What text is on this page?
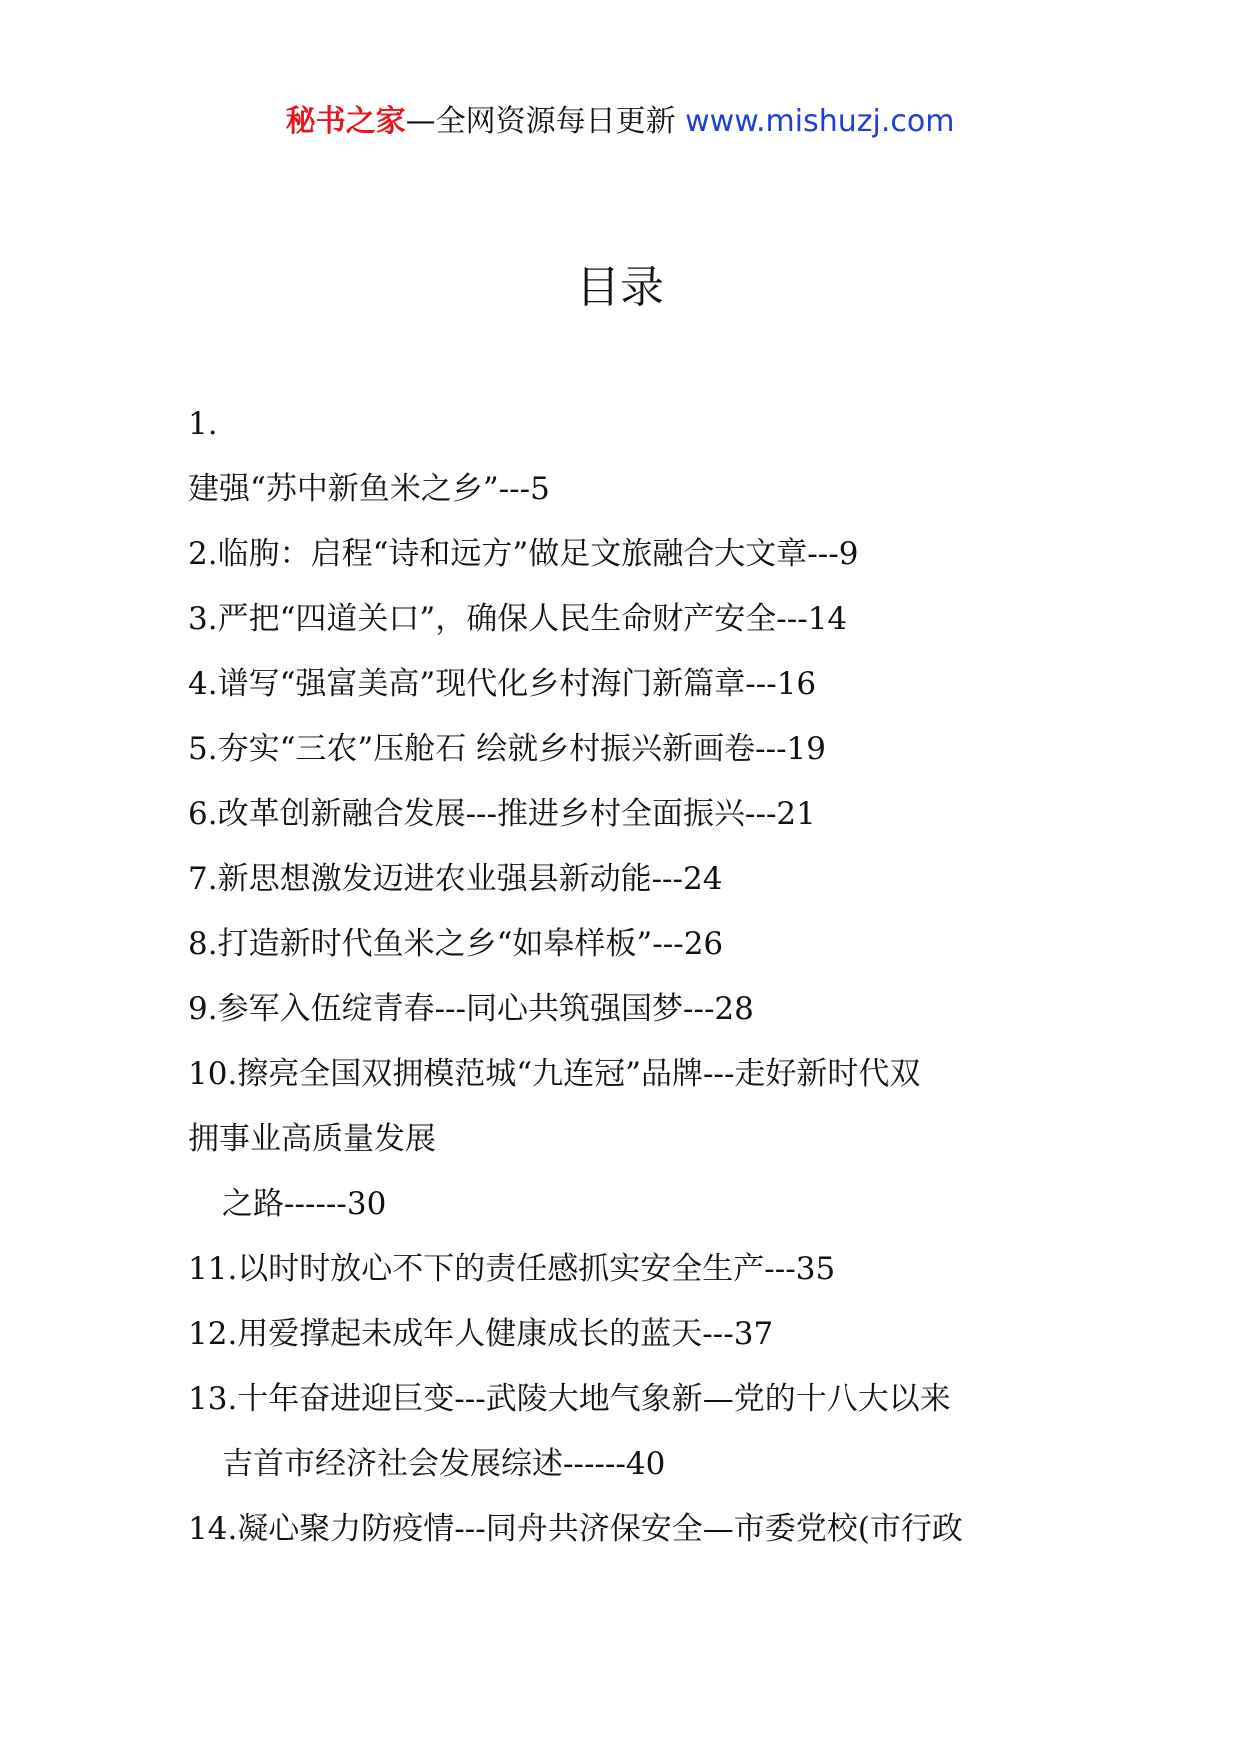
秘书之家—全网资源每日更新 www.mishuzj.com
目录
1.
建强“苏中新鱼米之乡”---5
2.临朐：启程“诗和远方”做足文旅融合大文章---9
3.严把“四道关口”，确保人民生命财产安全---14
4.谱写“强富美高”现代化乡村海门新篇章---16
5.夯实“三农”压舱石 绘就乡村振兴新画卷---19
6.改革创新融合发展---推进乡村全面振兴---21
7.新思想激发迈进农业强县新动能---24
8.打造新时代鱼米之乡“如皋样板”---26
9.参军入伍绽青春---同心共筑强国梦---28
10.擦亮全国双拥模范城“九连冠”品牌---走好新时代双
拥事业高质量发展
之路------30
11.以时时放心不下的责任感抓实安全生产---35
12.用爱撑起未成年人健康成长的蓝天---37
13.十年奋进迎巨变---武陵大地气象新—党的十八大以来
吉首市经济社会发展综述------40
14.凝心聚力防疫情---同舟共济保安全—市委党校(市行政
